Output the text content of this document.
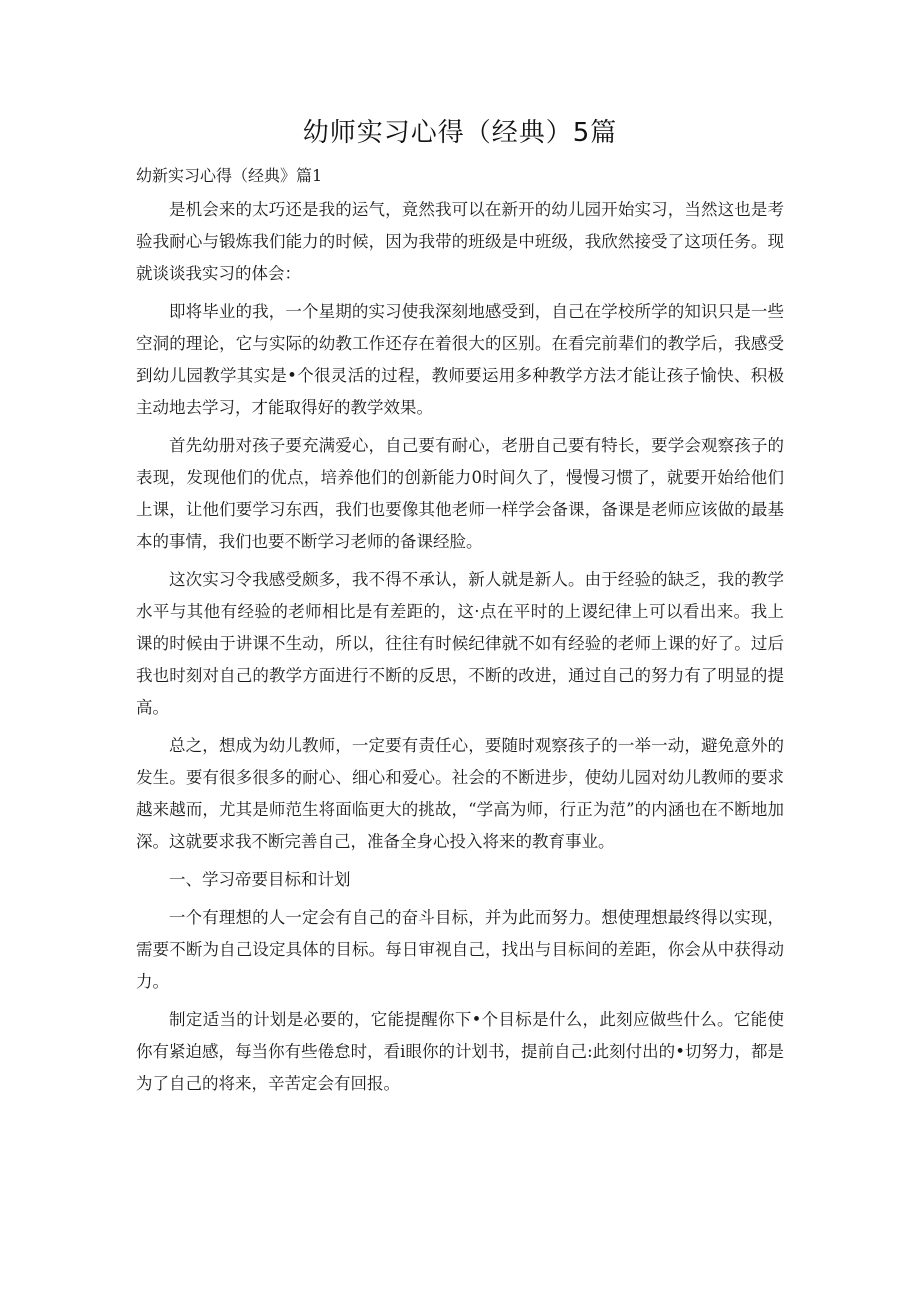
幼师实习心得（经典）5篇
幼新实习心得（经典》篇1

是机会来的太巧还是我的运气，竟然我可以在新开的幼儿园开始实习，当然这也是考验我耐心与锻炼我们能力的时候，因为我带的班级是中班级，我欣然接受了这项任务。现就谈谈我实习的体会：

即将毕业的我，一个星期的实习使我深刻地感受到，自己在学校所学的知识只是一些空洞的理论，它与实际的幼教工作还存在着很大的区别。在看完前辈们的教学后，我感受到幼儿园教学其实是•个很灵活的过程，教师要运用多种教学方法才能让孩子愉快、积极主动地去学习，才能取得好的教学效果。

首先幼册对孩子要充满爱心，自己要有耐心，老册自己要有特长，要学会观察孩子的表现，发现他们的优点，培养他们的创新能力0时间久了，慢慢习惯了，就要开始给他们上课，让他们要学习东西，我们也要像其他老师一样学会备课，备课是老师应该做的最基本的事情，我们也要不断学习老师的备课经脸。

这次实习令我感受颇多，我不得不承认，新人就是新人。由于经验的缺乏，我的教学水平与其他有经验的老师相比是有差距的，这·点在平时的上谡纪律上可以看出来。我上课的时候由于讲课不生动，所以，往往有时候纪律就不如有经验的老师上课的好了。过后我也时刻对自己的教学方面进行不断的反思，不断的改进，通过自己的努力有了明显的提高。

总之，想成为幼儿教师，一定要有责任心，要随时观察孩子的一举一动，避免意外的发生。要有很多很多的耐心、细心和爱心。社会的不断进步，使幼儿园对幼儿教师的要求越来越而，尤其是师范生将面临更大的挑故，“学高为师，行正为范”的内涵也在不断地加深。这就要求我不断完善自己，准备全身心投入将来的教育事业。

一、学习帝要目标和计划

一个有理想的人一定会有自己的奋斗目标，并为此而努力。想使理想最终得以实现，需要不断为自己设定具体的目标。每日审视自己，找出与目标间的差距，你会从中获得动力。

制定适当的计划是必要的，它能提醒你下•个目标是什么，此刻应做些什么。它能使你有紧迫感，每当你有些倦怠时，看i眼你的计划书，提前自己:此刻付出的•切努力，都是为了自己的将来，辛苦定会有回报。
